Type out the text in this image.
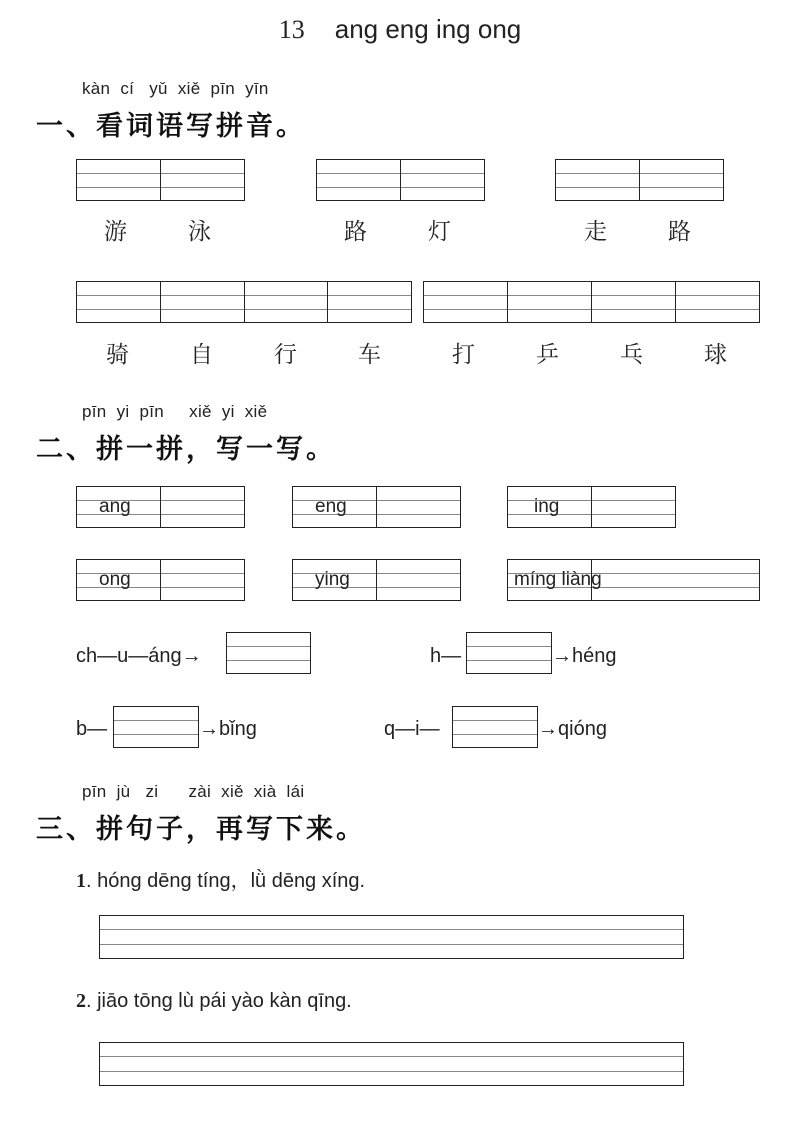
13 ang eng ing ong
kàn  cí   yǔ  xiě  pīn  yīn
一、看词语写拼音。
游	泳	路	灯	走	路
骑	自	行	车	打	乒	乓	球
pīn  yi  pīn     xiě  yi  xiě
二、拼一拼，写一写。
ang	eng	ing
ong	ying	míng liàng
ch—u—áng→	h—	→héng
b—	→bǐng	q—i—	→qióng
pīn  jù   zi      zài  xiě  xià  lái
三、拼句子，再写下来。
1. hóng dēng tíng，lǜ dēng xíng.
2. jiāo tōng lù pái yào kàn qīng.
